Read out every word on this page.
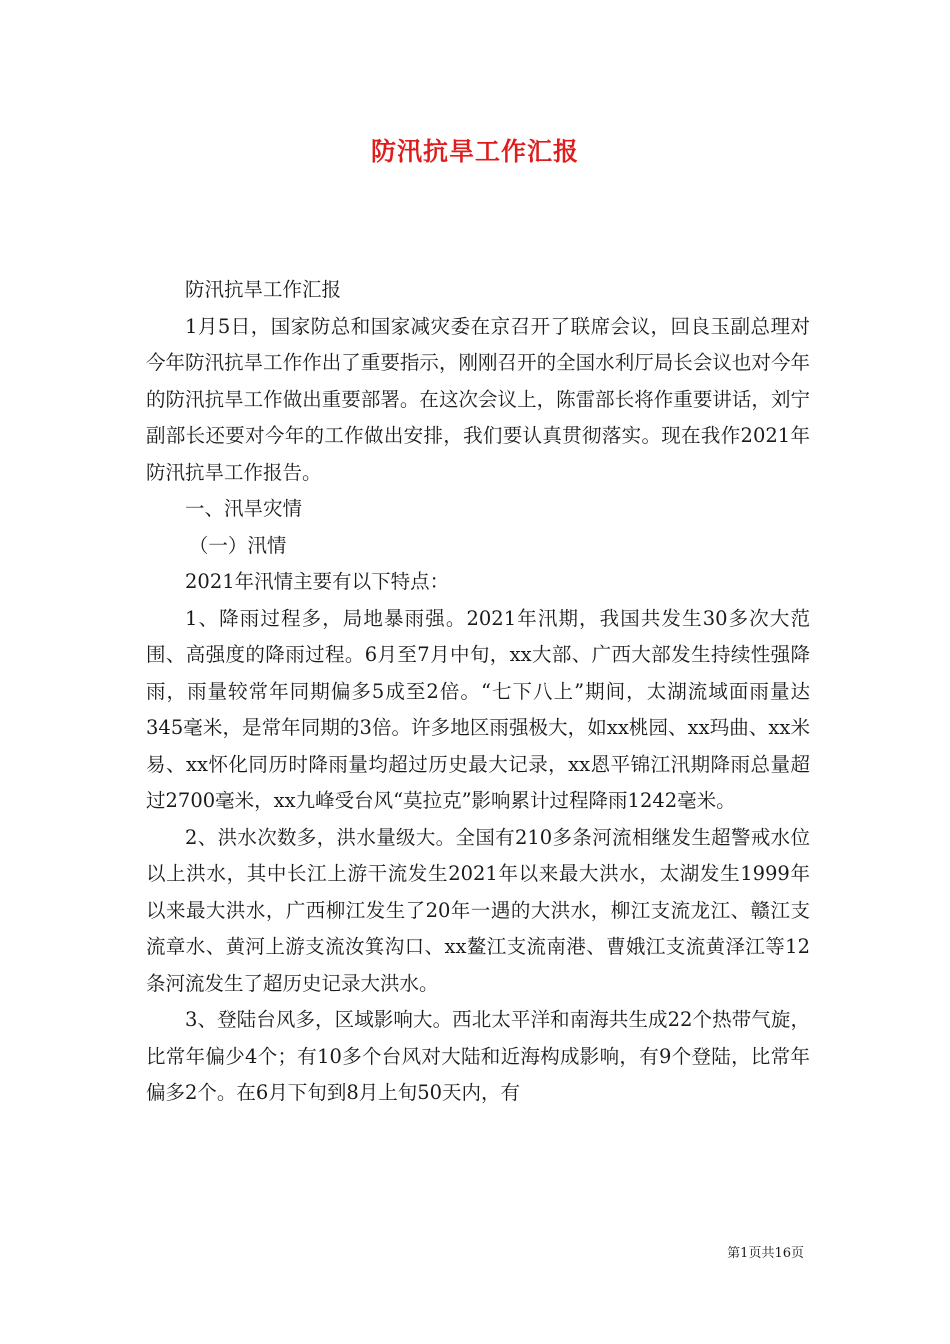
防汛抗旱工作汇报

防汛抗旱工作汇报

1月5日，国家防总和国家减灾委在京召开了联席会议，回良玉副总理对今年防汛抗旱工作作出了重要指示，刚刚召开的全国水利厅局长会议也对今年的防汛抗旱工作做出重要部署。在这次会议上，陈雷部长将作重要讲话，刘宁副部长还要对今年的工作做出安排，我们要认真贯彻落实。现在我作2021年防汛抗旱工作报告。

一、汛旱灾情

（一）汛情

2021年汛情主要有以下特点：

1、降雨过程多，局地暴雨强。2021年汛期，我国共发生30多次大范围、高强度的降雨过程。6月至7月中旬，xx大部、广西大部发生持续性强降雨，雨量较常年同期偏多5成至2倍。“七下八上”期间，太湖流域面雨量达345毫米，是常年同期的3倍。许多地区雨强极大，如xx桃园、xx玛曲、xx米易、xx怀化同历时降雨量均超过历史最大记录，xx恩平锦江汛期降雨总量超过2700毫米，xx九峰受台风“莫拉克”影响累计过程降雨1242毫米。

2、洪水次数多，洪水量级大。全国有210多条河流相继发生超警戒水位以上洪水，其中长江上游干流发生2021年以来最大洪水，太湖发生1999年以来最大洪水，广西柳江发生了20年一遇的大洪水，柳江支流龙江、赣江支流章水、黄河上游支流汝箕沟口、xx鳌江支流南港、曹娥江支流黄泽江等12条河流发生了超历史记录大洪水。

3、登陆台风多，区域影响大。西北太平洋和南海共生成22个热带气旋，比常年偏少4个；有10多个台风对大陆和近海构成影响，有9个登陆，比常年偏多2个。在6月下旬到8月上旬50天内，有

第1页共16页
